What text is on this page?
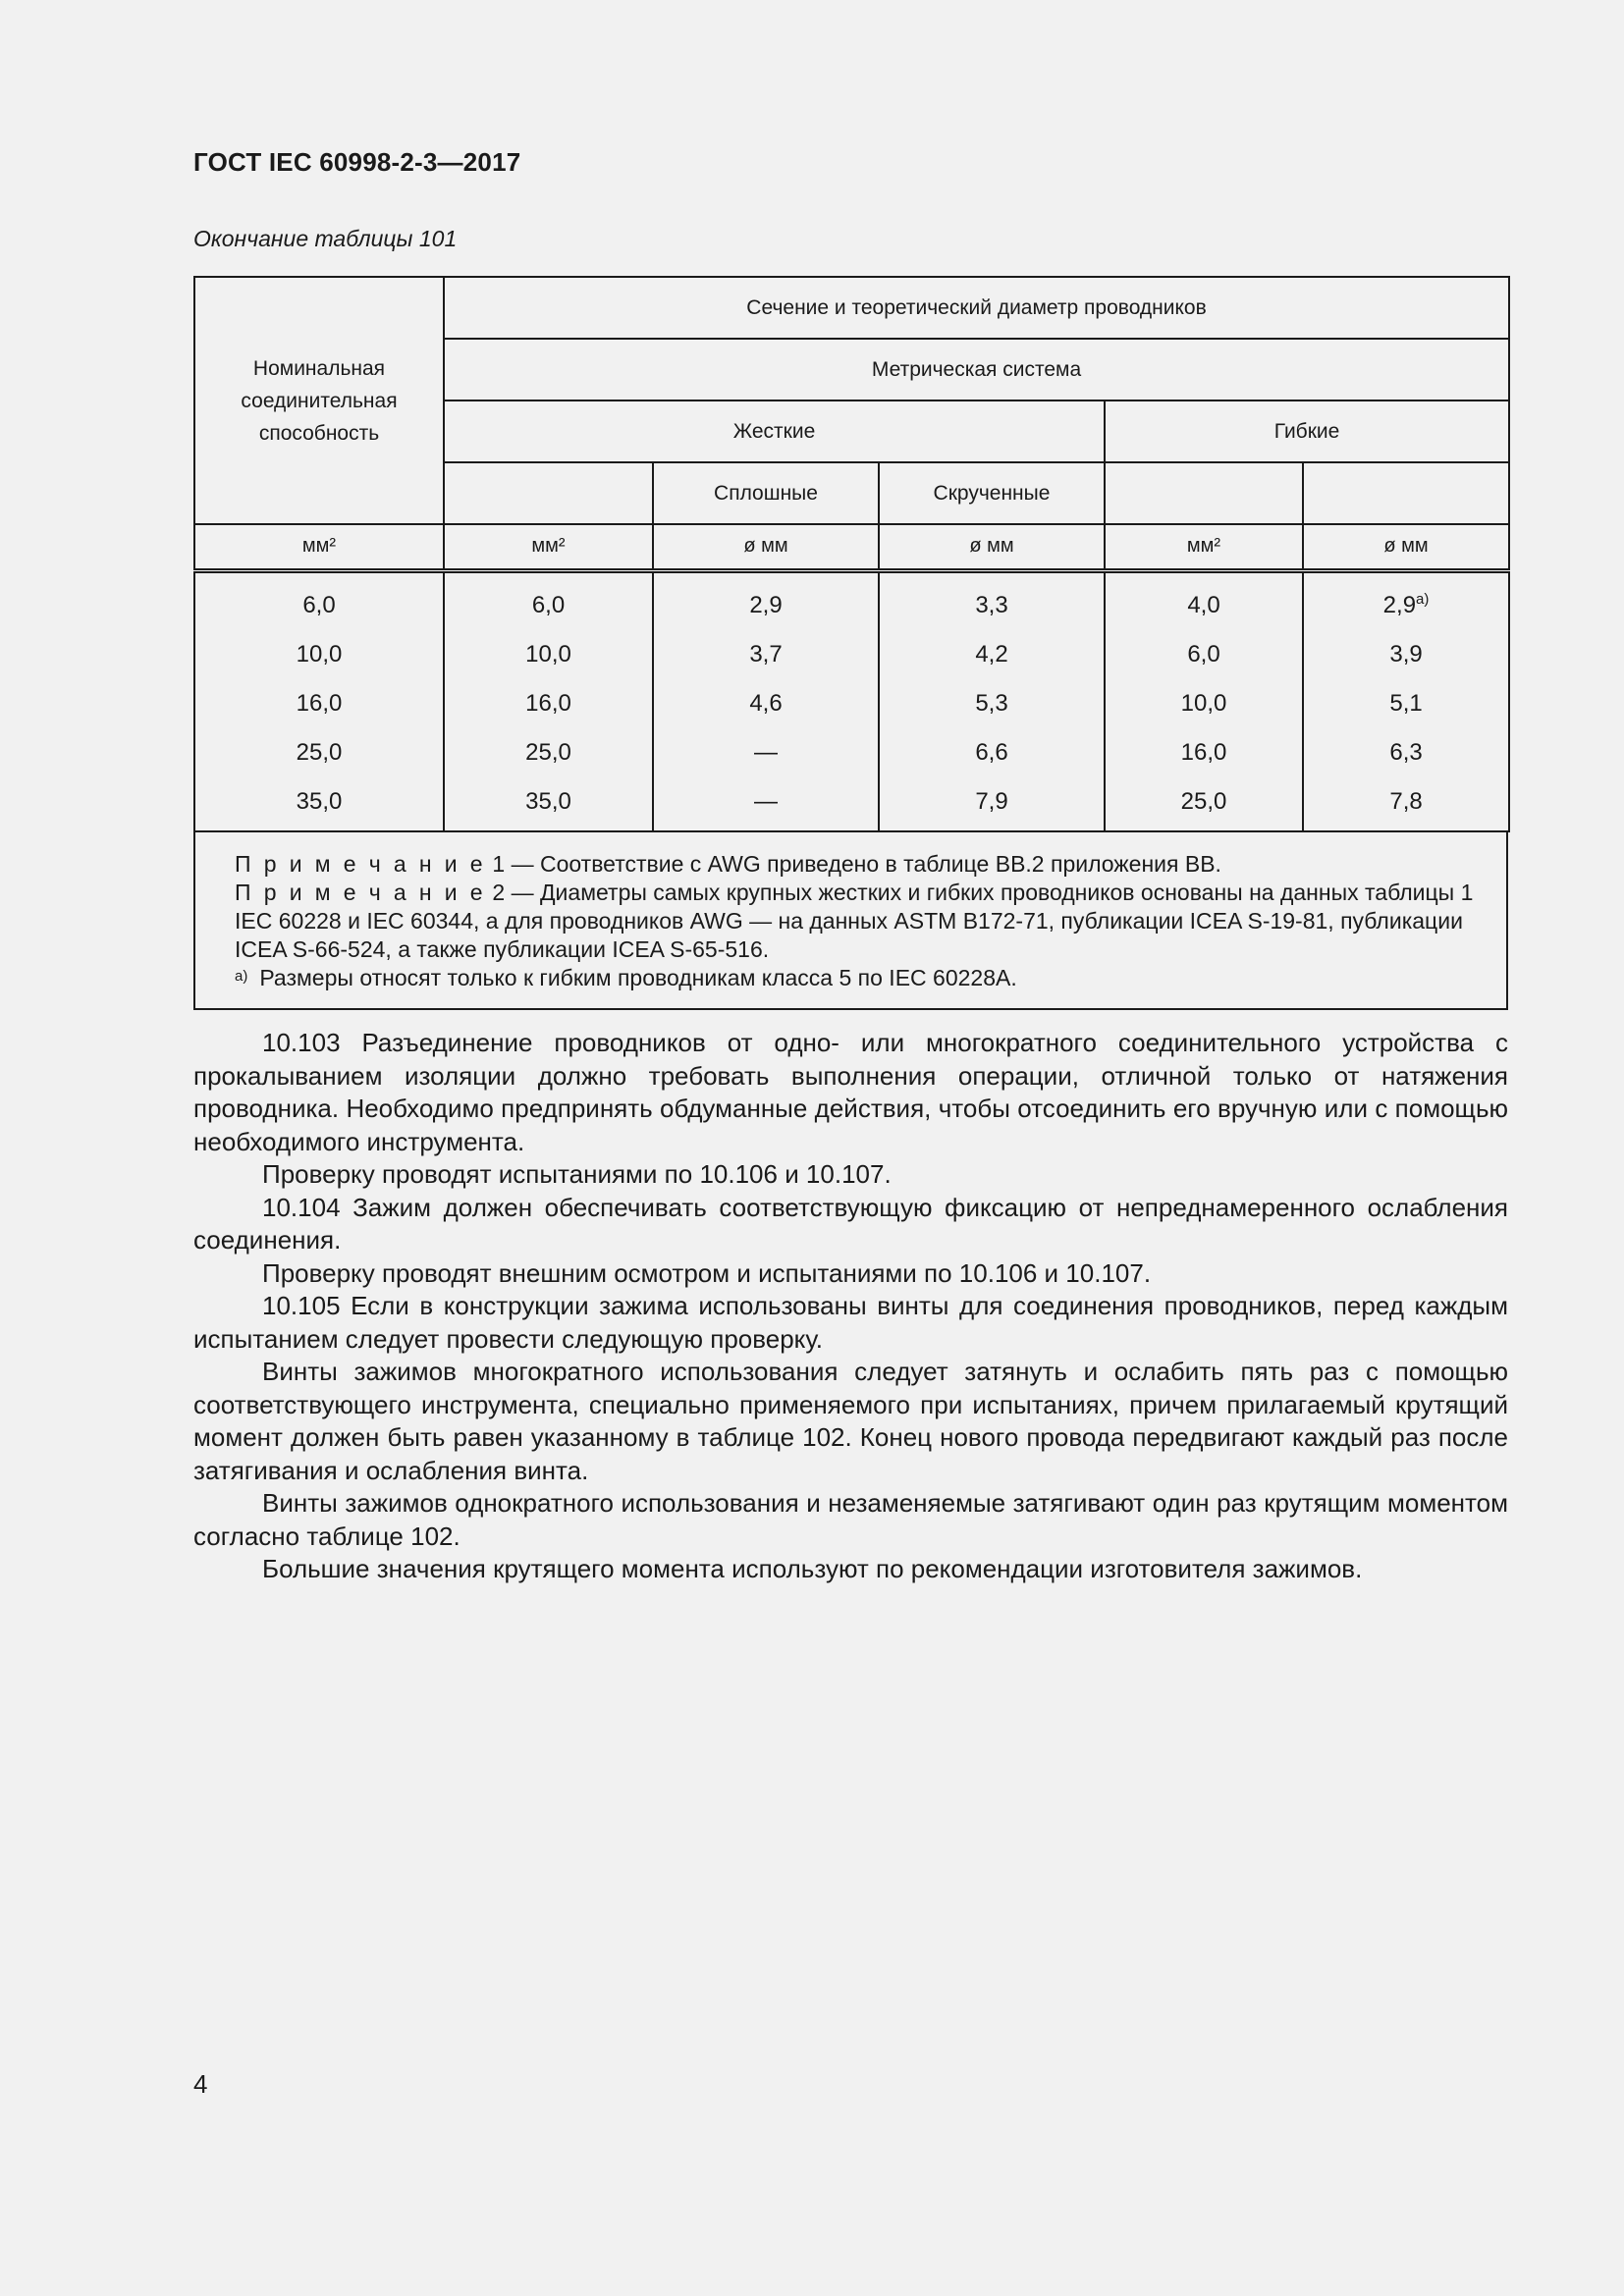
ГОСТ IEC 60998-2-3—2017
Окончание таблицы 101
Номинальная соединительная способность	Сечение и теоретический диаметр проводников				
	Метрическая система				
	Жесткие			Гибкие	
		Сплошные	Скрученные		
мм²	мм²	ø мм	ø мм	мм²	ø мм
6,0	6,0	2,9	3,3	4,0	2,9$^{a)}$
10,0	10,0	3,7	4,2	6,0	3,9
16,0	16,0	4,6	5,3	10,0	5,1
25,0	25,0	—	6,6	16,0	6,3
35,0	35,0	—	7,9	25,0	7,8

П р и м е ч а н и е 1 — Соответствие с AWG приведено в таблице ВВ.2 приложения ВВ.

П р и м е ч а н и е 2 — Диаметры самых крупных жестких и гибких проводников основаны на данных таблицы 1 IEC 60228 и IEC 60344, а для проводников AWG — на данных ASTM B172-71, публикации ICEA S-19-81, публикации ICEA S-66-524, а также публикации ICEA S-65-516.

$^{a)}$ Размеры относят только к гибким проводникам класса 5 по IEC 60228A.

10.103 Разъединение проводников от одно- или многократного соединительного устройства с прокалыванием изоляции должно требовать выполнения операции, отличной только от натяжения проводника. Необходимо предпринять обдуманные действия, чтобы отсоединить его вручную или с помощью необходимого инструмента.

Проверку проводят испытаниями по 10.106 и 10.107.

10.104 Зажим должен обеспечивать соответствующую фиксацию от непреднамеренного ослабления соединения.

Проверку проводят внешним осмотром и испытаниями по 10.106 и 10.107.

10.105 Если в конструкции зажима использованы винты для соединения проводников, перед каждым испытанием следует провести следующую проверку.

Винты зажимов многократного использования следует затянуть и ослабить пять раз с помощью соответствующего инструмента, специально применяемого при испытаниях, причем прилагаемый крутящий момент должен быть равен указанному в таблице 102. Конец нового провода передвигают каждый раз после затягивания и ослабления винта.

Винты зажимов однократного использования и незаменяемые затягивают один раз крутящим моментом согласно таблице 102.

Большие значения крутящего момента используют по рекомендации изготовителя зажимов.

4
